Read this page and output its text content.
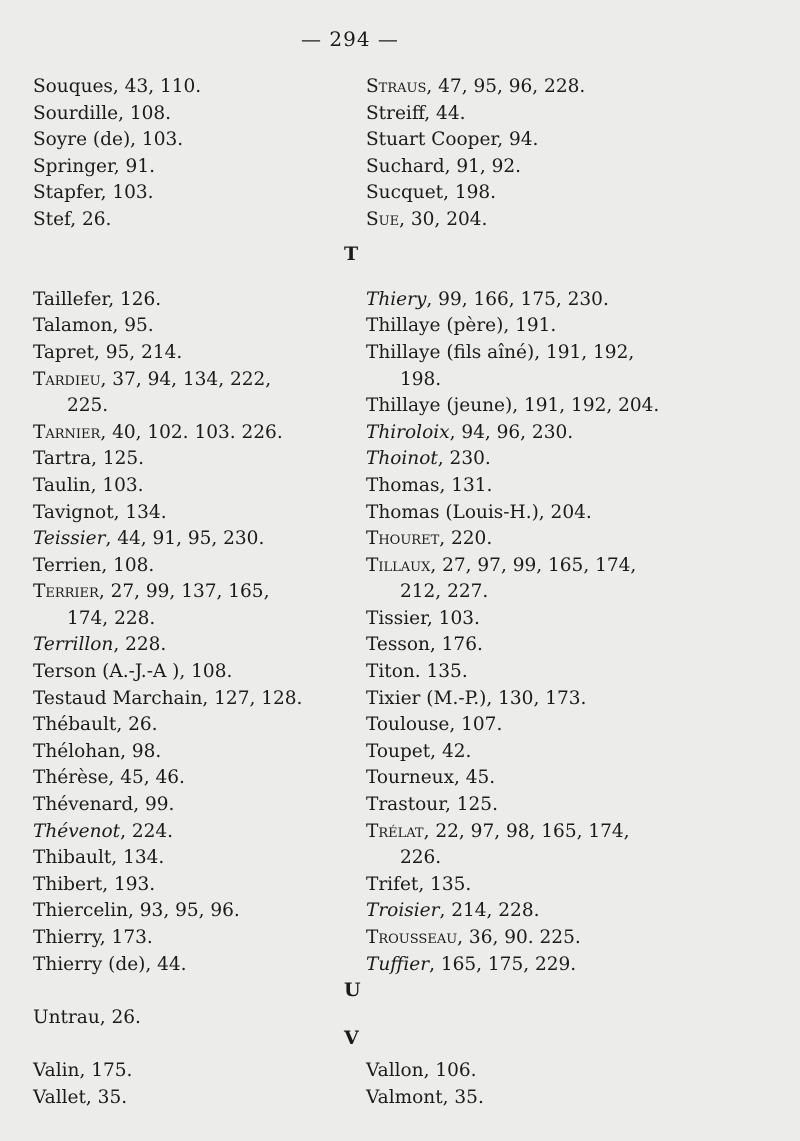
— 294 —
Souques, 43, 110.
Sourdille, 108.
Soyre (de), 103.
Springer, 91.
Stapfer, 103.
Stef, 26.
Taillefer, 126.
Talamon, 95.
Tapret, 95, 214.
Tardieu, 37, 94, 134, 222,
225.
Tarnier, 40, 102. 103. 226.
Tartra, 125.
Taulin, 103.
Tavignot, 134.
Teissier, 44, 91, 95, 230.
Terrien, 108.
Terrier, 27, 99, 137, 165,
174, 228.
Terrillon, 228.
Terson (A.-J.-A ), 108.
Testaud Marchain, 127, 128.
Thébault, 26.
Thélohan, 98.
Thérèse, 45, 46.
Thévenard, 99.
Thévenot, 224.
Thibault, 134.
Thibert, 193.
Thiercelin, 93, 95, 96.
Thierry, 173.
Thierry (de), 44.
Untrau, 26.
Valin, 175.
Vallet, 35.
Straus, 47, 95, 96, 228.
Streiff, 44.
Stuart Cooper, 94.
Suchard, 91, 92.
Sucquet, 198.
Sue, 30, 204.
Thiery, 99, 166, 175, 230.
Thillaye (père), 191.
Thillaye (fils aîné), 191, 192,
198.
Thillaye (jeune), 191, 192, 204.
Thiroloix, 94, 96, 230.
Thoinot, 230.
Thomas, 131.
Thomas (Louis-H.), 204.
Thouret, 220.
Tillaux, 27, 97, 99, 165, 174,
212, 227.
Tissier, 103.
Tesson, 176.
Titon. 135.
Tixier (M.-P.), 130, 173.
Toulouse, 107.
Toupet, 42.
Tourneux, 45.
Trastour, 125.
Trélat, 22, 97, 98, 165, 174,
226.
Trifet, 135.
Troisier, 214, 228.
Trousseau, 36, 90. 225.
Tuffier, 165, 175, 229.
Vallon, 106.
Valmont, 35.
T
U
V
